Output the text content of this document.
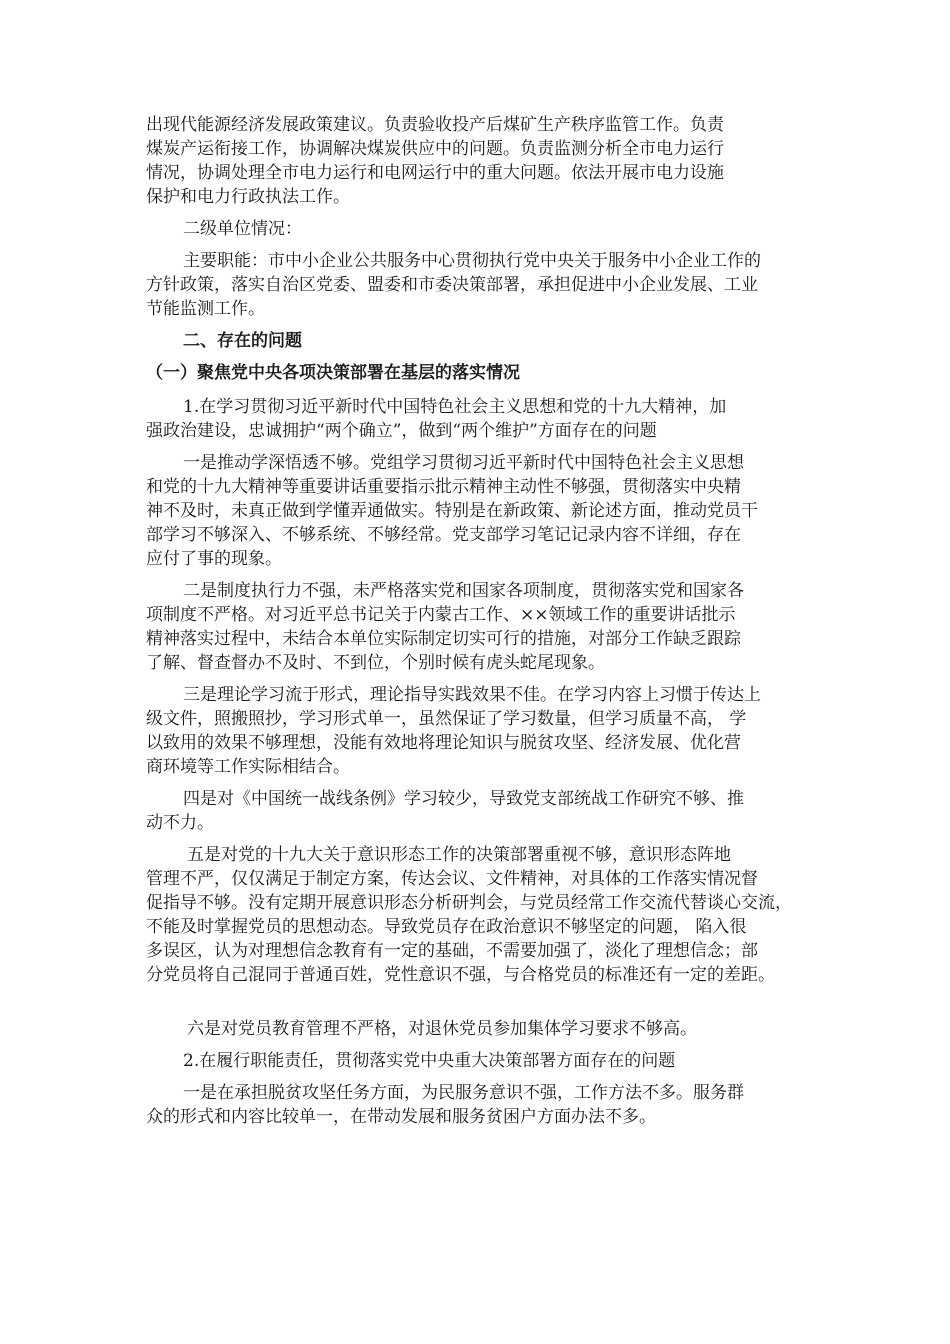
出现代能源经济发展政策建议。负责验收投产后煤矿生产秩序监管工作。负责
煤炭产运衔接工作，协调解决煤炭供应中的问题。负责监测分析全市电力运行
情况，协调处理全市电力运行和电网运行中的重大问题。依法开展市电力设施
保护和电力行政执法工作。
二级单位情况：
主要职能：市中小企业公共服务中心贯彻执行党中央关于服务中小企业工作的
方针政策，落实自治区党委、盟委和市委决策部署，承担促进中小企业发展、工业
节能监测工作。
二、存在的问题
（一）聚焦党中央各项决策部署在基层的落实情况
1.在学习贯彻习近平新时代中国特色社会主义思想和党的十九大精神，加
强政治建设，忠诚拥护“两个确立”，做到“两个维护”方面存在的问题
一是推动学深悟透不够。党组学习贯彻习近平新时代中国特色社会主义思想
和党的十九大精神等重要讲话重要指示批示精神主动性不够强，贯彻落实中央精
神不及时，未真正做到学懂弄通做实。特别是在新政策、新论述方面，推动党员干
部学习不够深入、不够系统、不够经常。党支部学习笔记记录内容不详细，存在
应付了事的现象。
二是制度执行力不强，未严格落实党和国家各项制度，贯彻落实党和国家各
项制度不严格。对习近平总书记关于内蒙古工作、××领域工作的重要讲话批示
精神落实过程中，未结合本单位实际制定切实可行的措施，对部分工作缺乏跟踪
了解、督查督办不及时、不到位，个别时候有虎头蛇尾现象。
三是理论学习流于形式，理论指导实践效果不佳。在学习内容上习惯于传达上
级文件，照搬照抄，学习形式单一，虽然保证了学习数量，但学习质量不高， 学
以致用的效果不够理想，没能有效地将理论知识与脱贫攻坚、经济发展、优化营
商环境等工作实际相结合。
四是对《中国统一战线条例》学习较少，导致党支部统战工作研究不够、推
动不力。
五是对党的十九大关于意识形态工作的决策部署重视不够，意识形态阵地
管理不严，仅仅满足于制定方案，传达会议、文件精神，对具体的工作落实情况督
促指导不够。没有定期开展意识形态分析研判会，与党员经常工作交流代替谈心交流，
不能及时掌握党员的思想动态。导致党员存在政治意识不够坚定的问题， 陷入很
多误区，认为对理想信念教育有一定的基础，不需要加强了，淡化了理想信念；部
分党员将自己混同于普通百姓，党性意识不强，与合格党员的标准还有一定的差距。
六是对党员教育管理不严格，对退休党员参加集体学习要求不够高。
2.在履行职能责任，贯彻落实党中央重大决策部署方面存在的问题
一是在承担脱贫攻坚任务方面，为民服务意识不强，工作方法不多。服务群
众的形式和内容比较单一，在带动发展和服务贫困户方面办法不多。
